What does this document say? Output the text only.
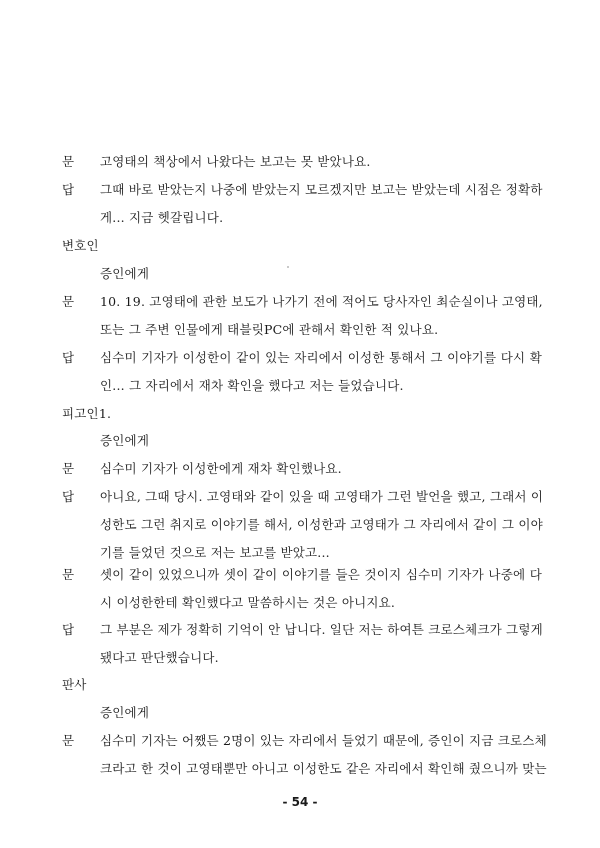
문 고영태의 책상에서 나왔다는 보고는 못 받았나요.
답 그때 바로 받았는지 나중에 받았는지 모르겠지만 보고는 받았는데 시점은 정확하
게... 지금 헷갈립니다.
변호인
증인에게
문 10. 19. 고영태에 관한 보도가 나가기 전에 적어도 당사자인 최순실이나 고영태,
또는 그 주변 인물에게 태블릿PC에 관해서 확인한 적 있나요.
답 심수미 기자가 이성한이 같이 있는 자리에서 이성한 통해서 그 이야기를 다시 확
인... 그 자리에서 재차 확인을 했다고 저는 들었습니다.
피고인1.
증인에게
문 심수미 기자가 이성한에게 재차 확인했나요.
답 아니요, 그때 당시. 고영태와 같이 있을 때 고영태가 그런 발언을 했고, 그래서 이
성한도 그런 취지로 이야기를 해서, 이성한과 고영태가 그 자리에서 같이 그 이야
기를 들었던 것으로 저는 보고를 받았고...
문 셋이 같이 있었으니까 셋이 같이 이야기를 들은 것이지 심수미 기자가 나중에 다
시 이성한한테 확인했다고 말씀하시는 것은 아니지요.
답 그 부분은 제가 정확히 기억이 안 납니다. 일단 저는 하여튼 크로스체크가 그렇게
됐다고 판단했습니다.
판사
증인에게
문 심수미 기자는 어쨌든 2명이 있는 자리에서 들었기 때문에, 증인이 지금 크로스체
크라고 한 것이 고영태뿐만 아니고 이성한도 같은 자리에서 확인해 줬으니까 맞는
- 54 -
